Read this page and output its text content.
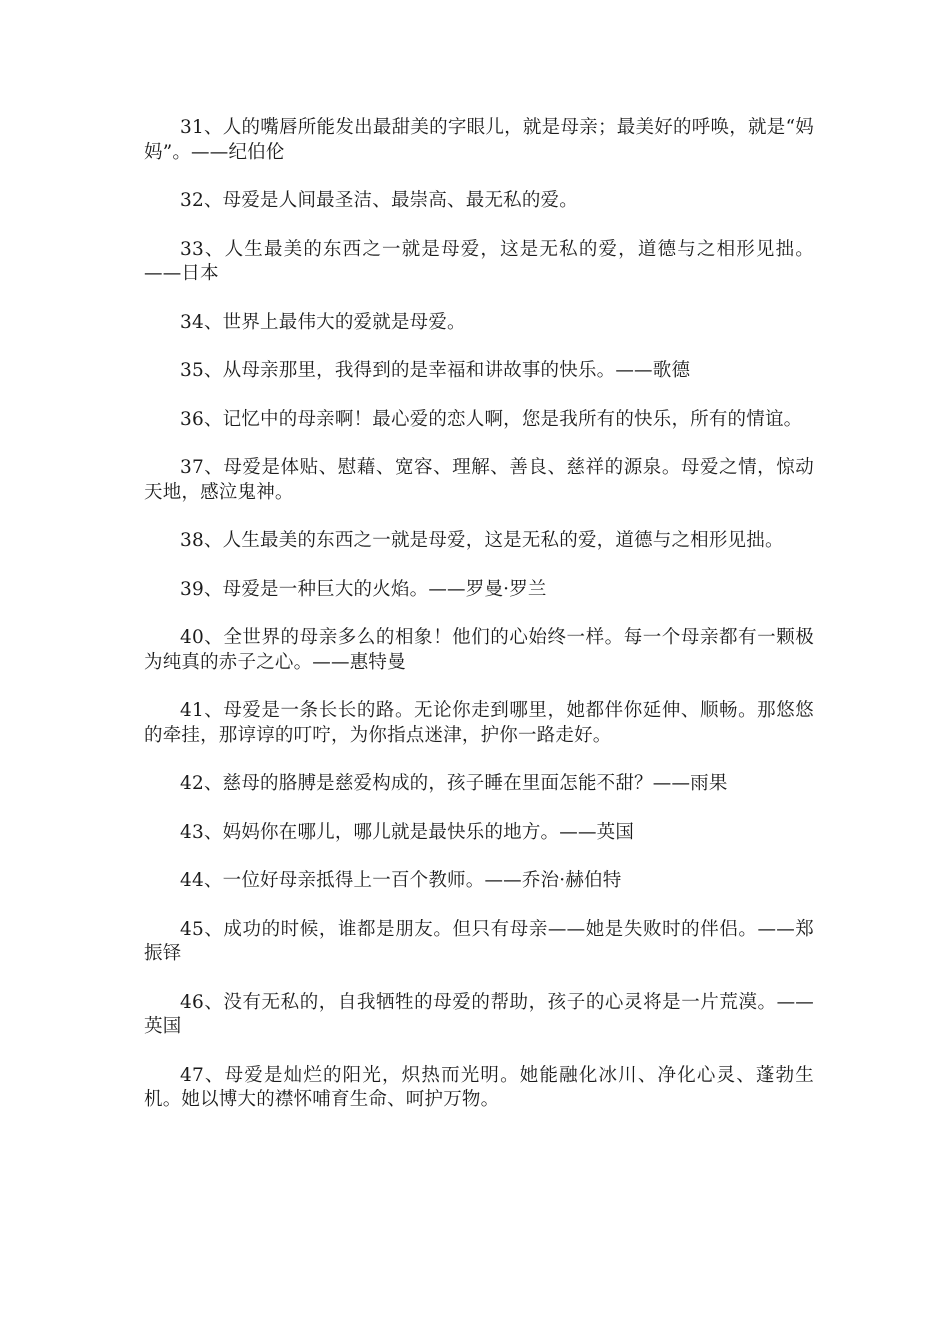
31、人的嘴唇所能发出最甜美的字眼儿，就是母亲；最美好的呼唤，就是“妈妈”。——纪伯伦

32、母爱是人间最圣洁、最崇高、最无私的爱。

33、人生最美的东西之一就是母爱，这是无私的爱，道德与之相形见拙。——日本

34、世界上最伟大的爱就是母爱。

35、从母亲那里，我得到的是幸福和讲故事的快乐。——歌德

36、记忆中的母亲啊！最心爱的恋人啊，您是我所有的快乐，所有的情谊。

37、母爱是体贴、慰藉、宽容、理解、善良、慈祥的源泉。母爱之情，惊动天地，感泣鬼神。

38、人生最美的东西之一就是母爱，这是无私的爱，道德与之相形见拙。

39、母爱是一种巨大的火焰。——罗曼·罗兰

40、全世界的母亲多么的相象！他们的心始终一样。每一个母亲都有一颗极为纯真的赤子之心。——惠特曼

41、母爱是一条长长的路。无论你走到哪里，她都伴你延伸、顺畅。那悠悠的牵挂，那谆谆的叮咛，为你指点迷津，护你一路走好。

42、慈母的胳膊是慈爱构成的，孩子睡在里面怎能不甜？——雨果

43、妈妈你在哪儿，哪儿就是最快乐的地方。——英国

44、一位好母亲抵得上一百个教师。——乔治·赫伯特

45、成功的时候，谁都是朋友。但只有母亲——她是失败时的伴侣。——郑振铎

46、没有无私的，自我牺牲的母爱的帮助，孩子的心灵将是一片荒漠。——英国

47、母爱是灿烂的阳光，炽热而光明。她能融化冰川、净化心灵、蓬勃生机。她以博大的襟怀哺育生命、呵护万物。
